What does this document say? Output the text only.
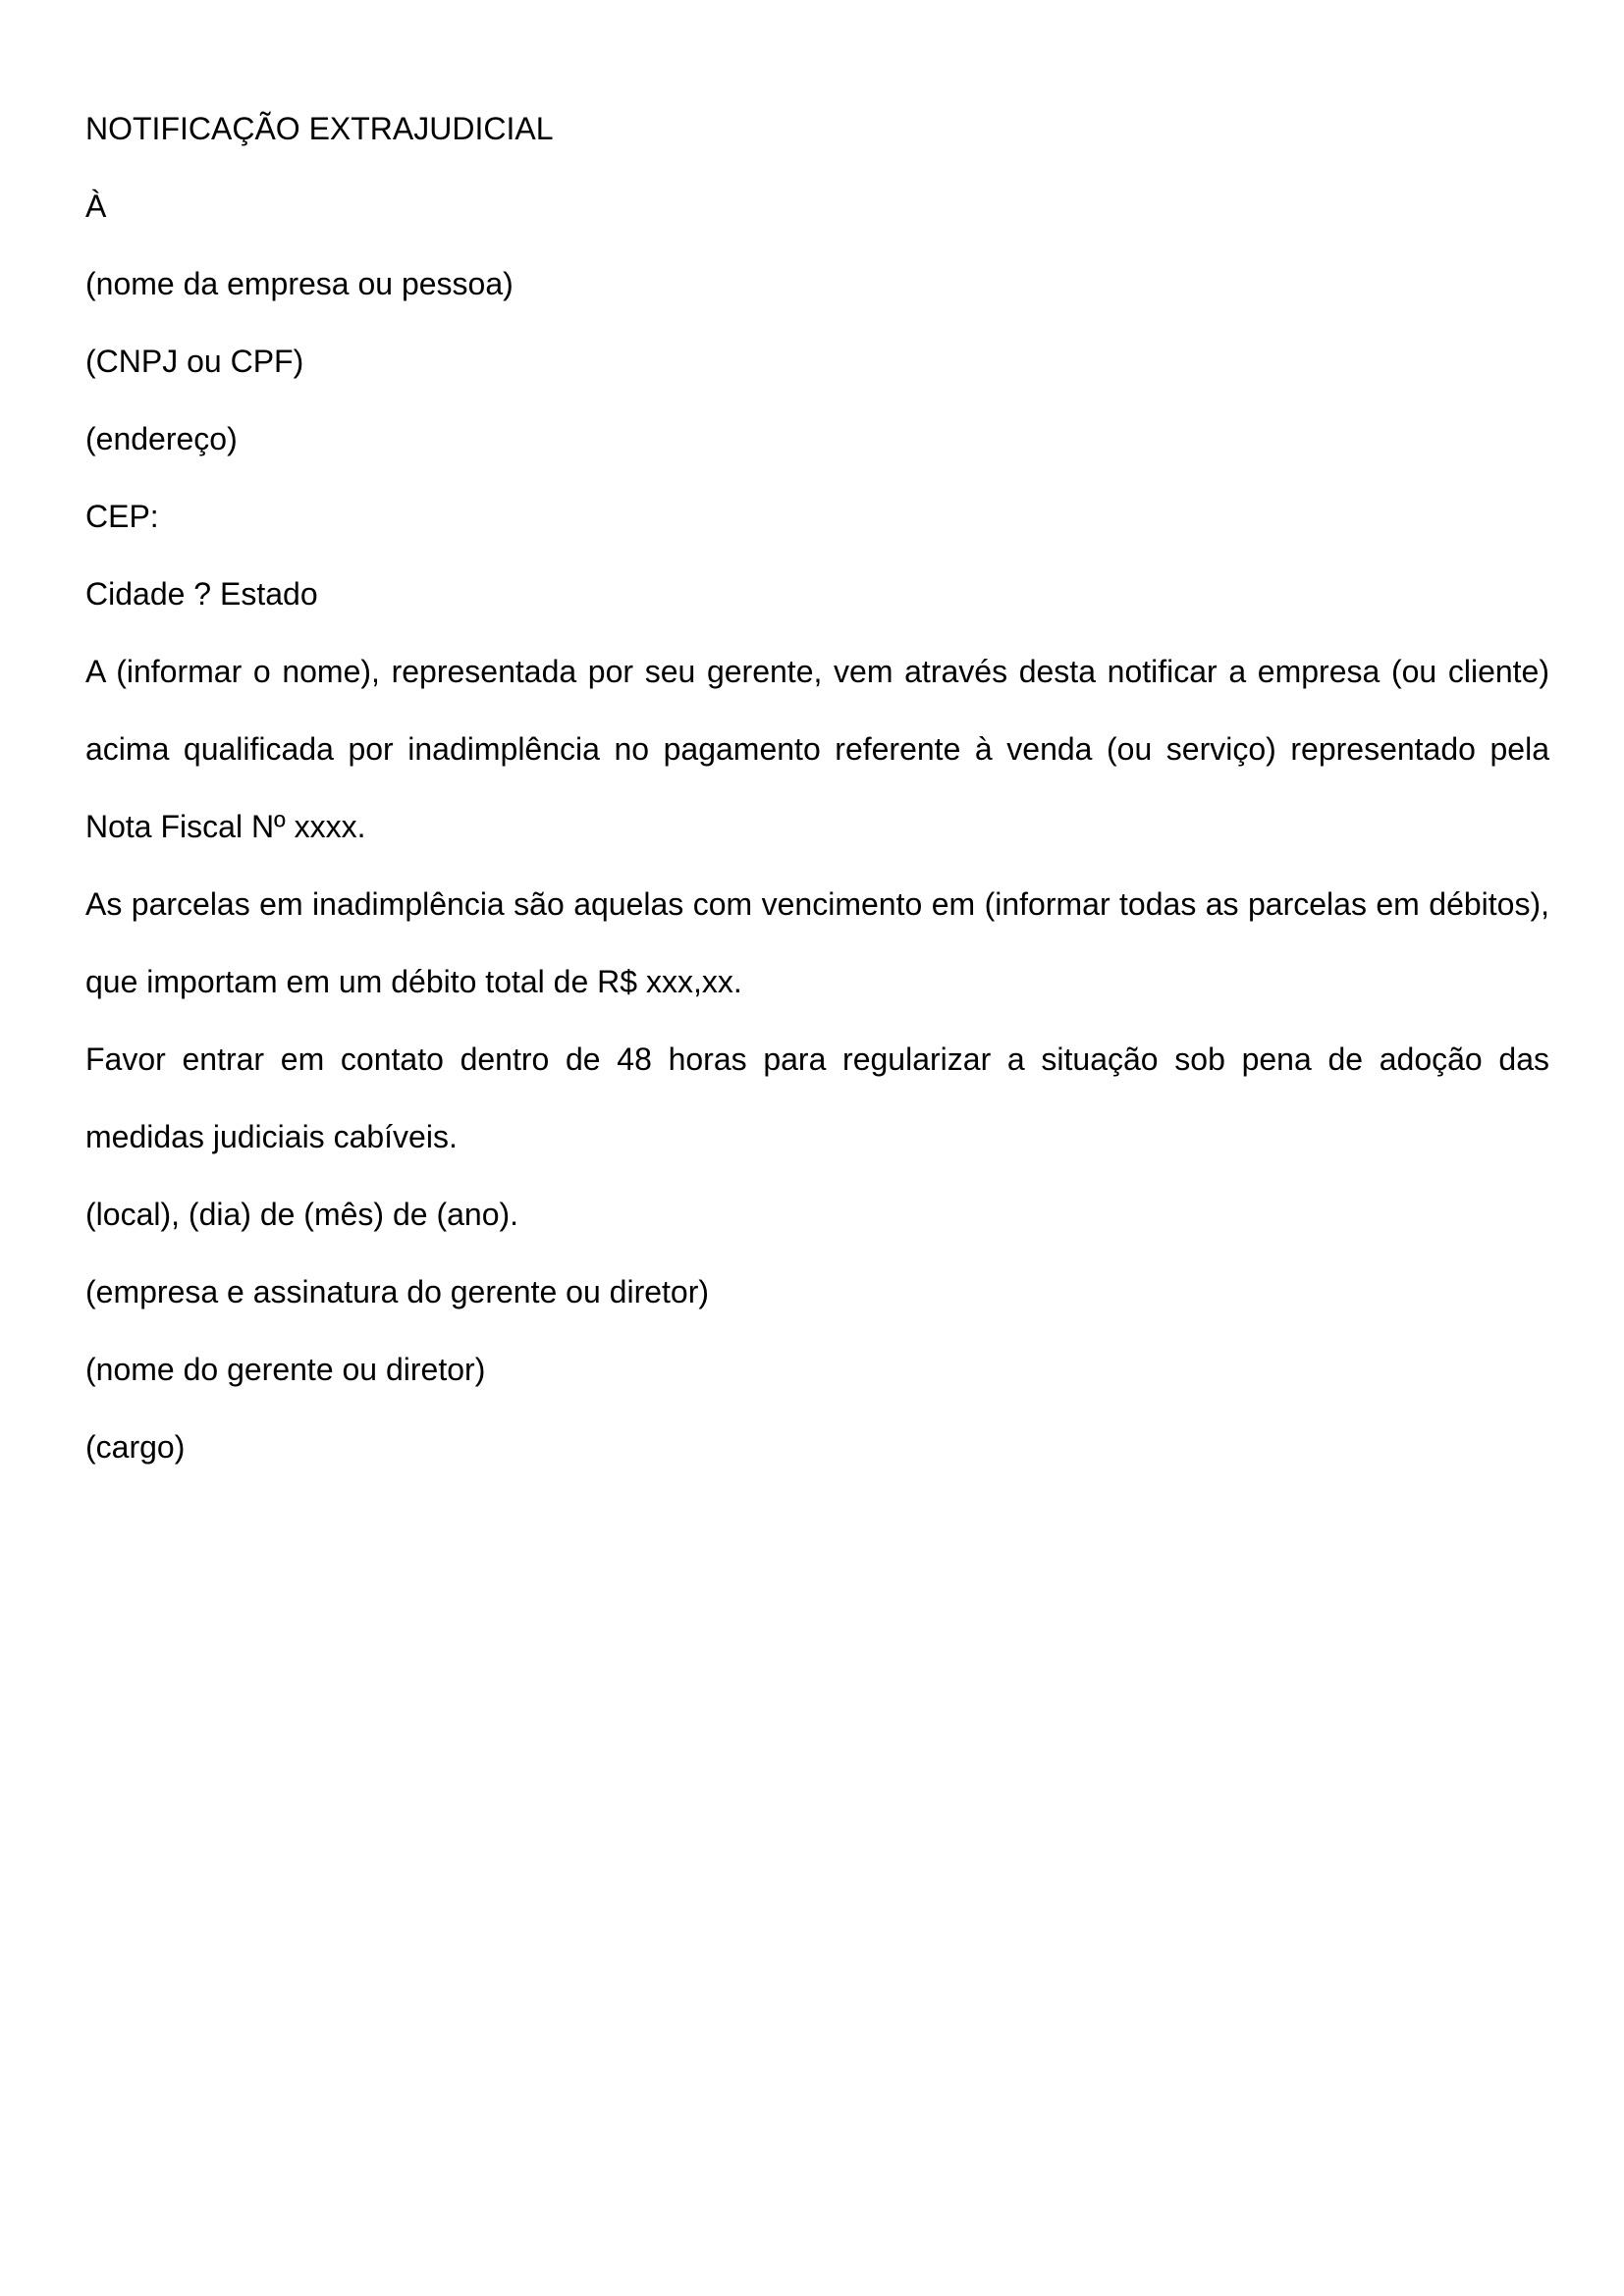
NOTIFICAÇÃO EXTRAJUDICIAL

À

(nome da empresa ou pessoa)

(CNPJ ou CPF)

(endereço)

CEP:

Cidade ? Estado

A (informar o nome), representada por seu gerente, vem através desta notificar a empresa (ou cliente) acima qualificada por inadimplência no pagamento referente à venda (ou serviço) representado pela Nota Fiscal Nº xxxx.

As parcelas em inadimplência são aquelas com vencimento em (informar todas as parcelas em débitos), que importam em um débito total de R$ xxx,xx.

Favor entrar em contato dentro de 48 horas para regularizar a situação sob pena de adoção das medidas judiciais cabíveis.

(local), (dia) de (mês) de (ano).

(empresa e assinatura do gerente ou diretor)

(nome do gerente ou diretor)

(cargo)
